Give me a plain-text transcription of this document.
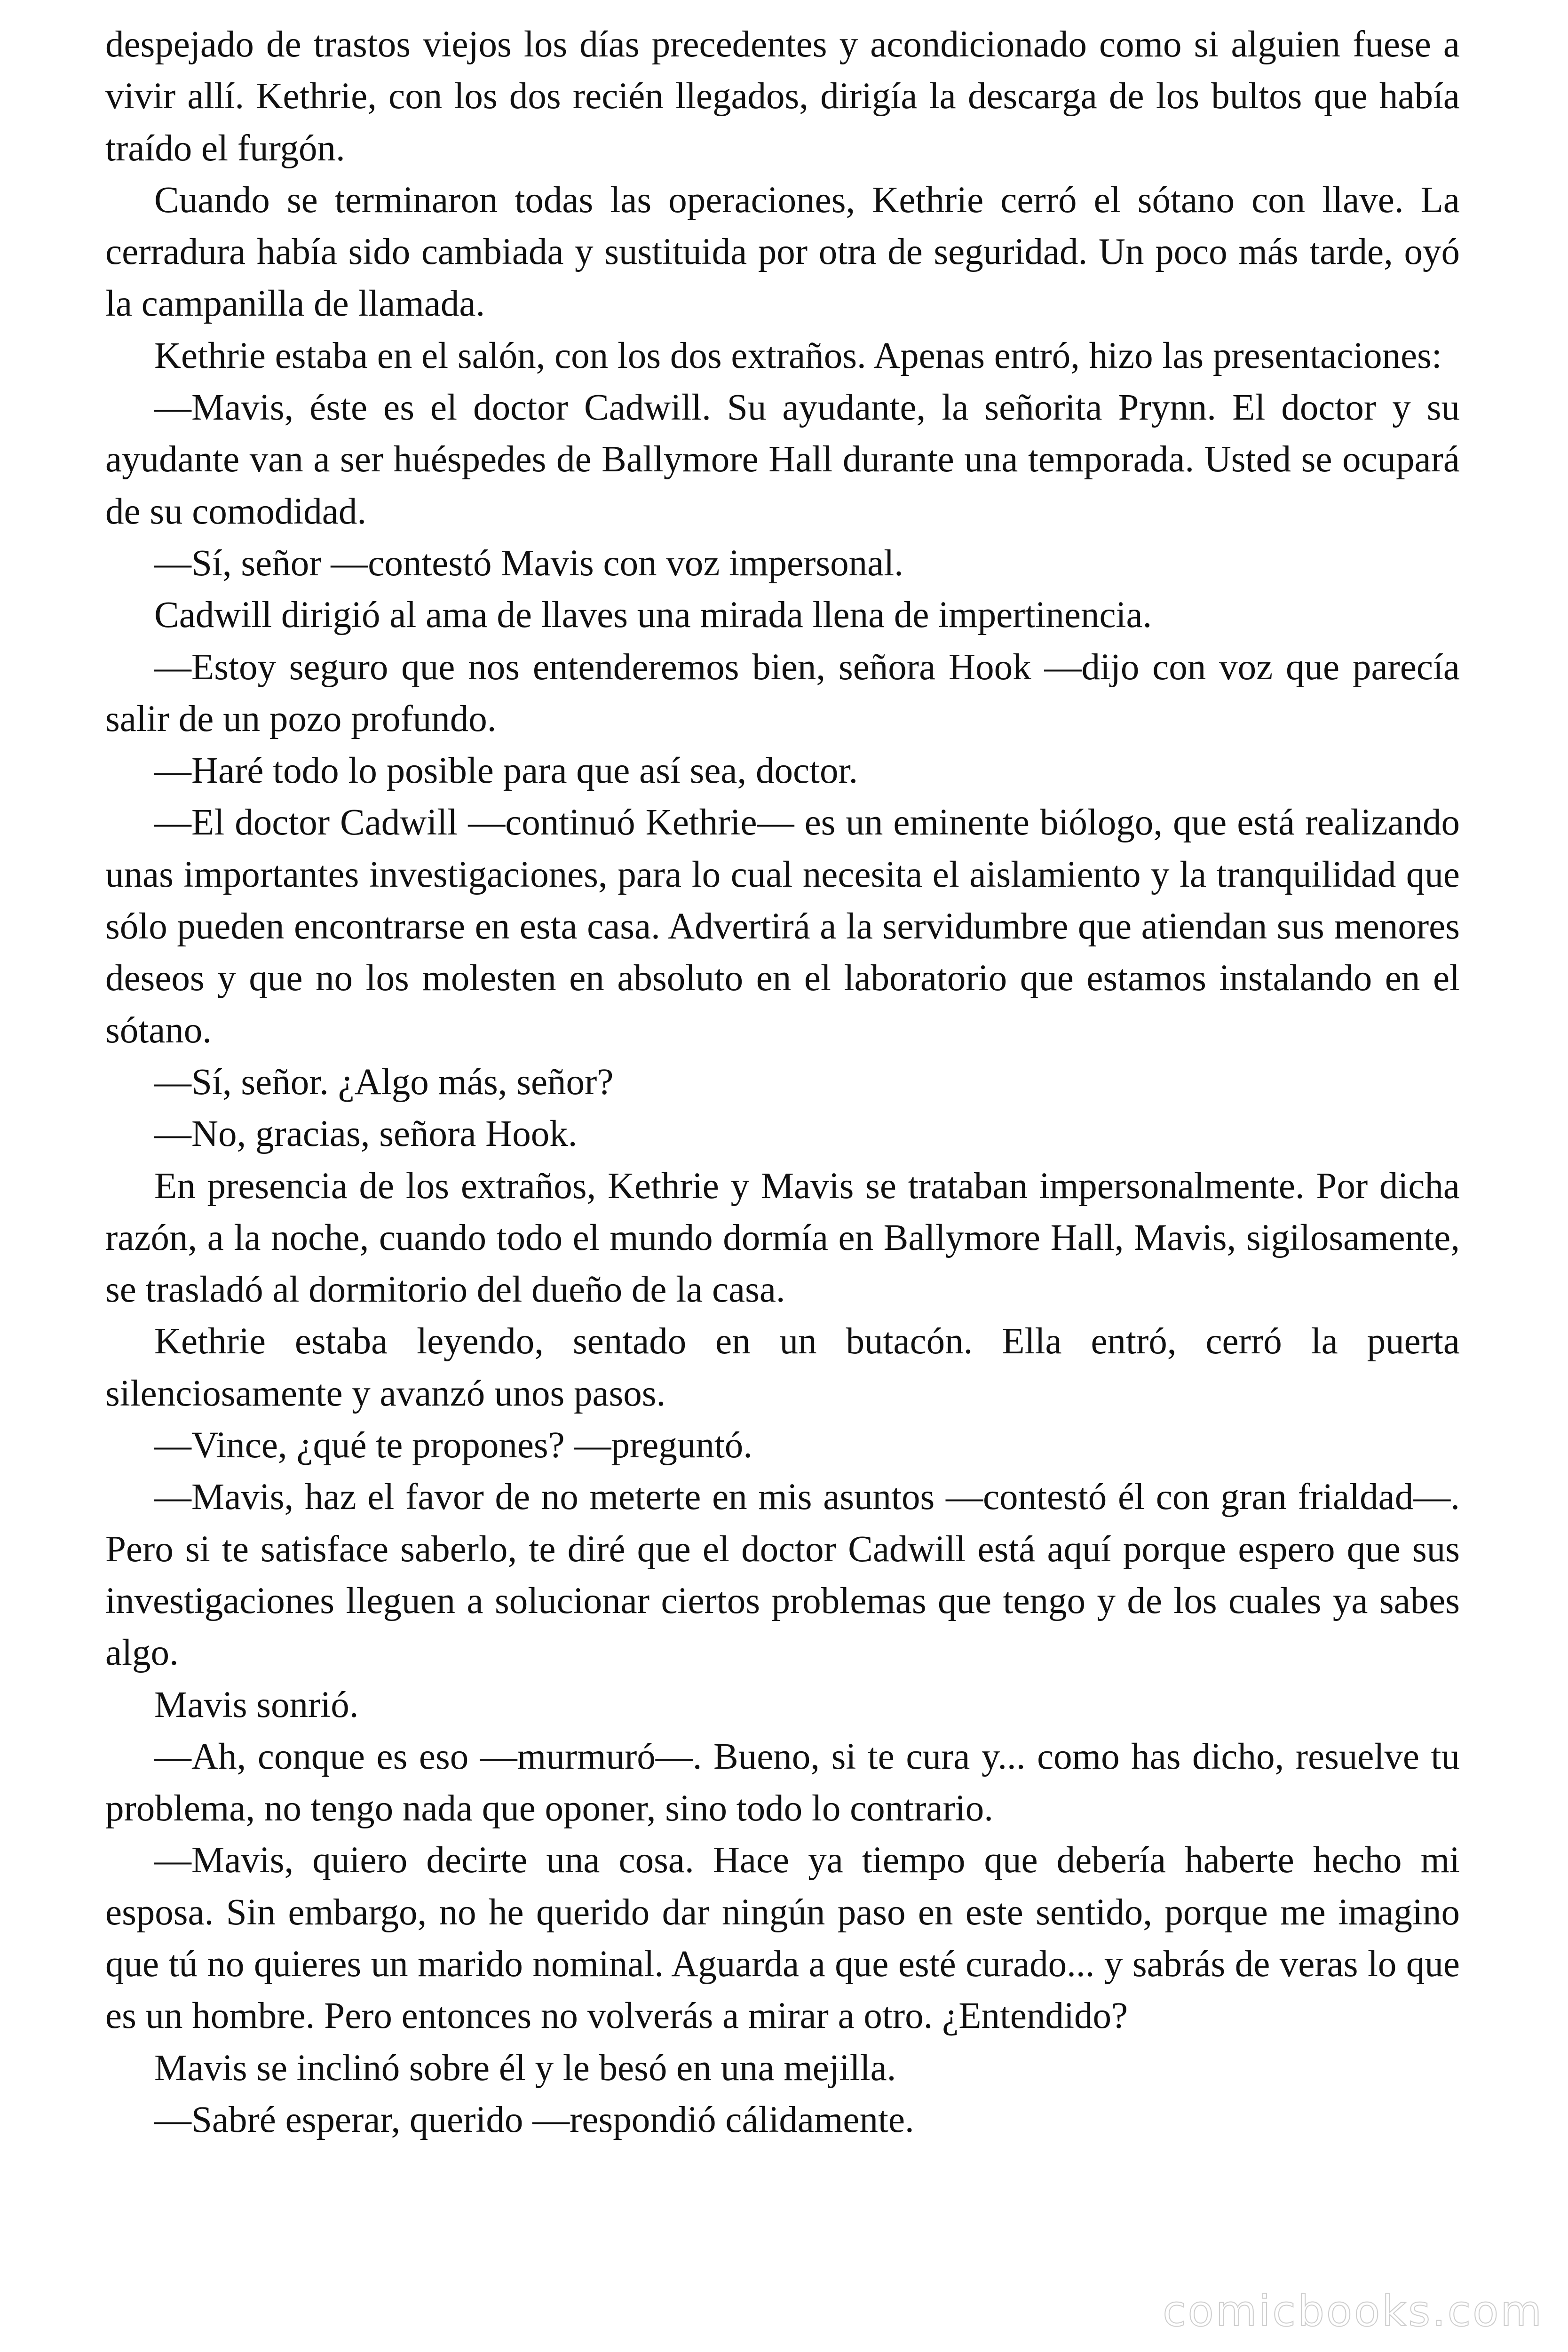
despejado de trastos viejos los días precedentes y acondicionado como si alguien fuese a vivir allí. Kethrie, con los dos recién llegados, dirigía la descarga de los bultos que había traído el furgón.

Cuando se terminaron todas las operaciones, Kethrie cerró el sótano con llave. La cerradura había sido cambiada y sustituida por otra de seguridad. Un poco más tarde, oyó la campanilla de llamada.

Kethrie estaba en el salón, con los dos extraños. Apenas entró, hizo las presentaciones:

—Mavis, éste es el doctor Cadwill. Su ayudante, la señorita Prynn. El doctor y su ayudante van a ser huéspedes de Ballymore Hall durante una temporada. Usted se ocupará de su comodidad.

—Sí, señor —contestó Mavis con voz impersonal.

Cadwill dirigió al ama de llaves una mirada llena de impertinencia.

—Estoy seguro que nos entenderemos bien, señora Hook —dijo con voz que parecía salir de un pozo profundo.

—Haré todo lo posible para que así sea, doctor.

—El doctor Cadwill —continuó Kethrie— es un eminente biólogo, que está realizando unas importantes investigaciones, para lo cual necesita el aislamiento y la tranquilidad que sólo pueden encontrarse en esta casa. Advertirá a la servidumbre que atiendan sus menores deseos y que no los molesten en absoluto en el laboratorio que estamos instalando en el sótano.

—Sí, señor. ¿Algo más, señor?

—No, gracias, señora Hook.

En presencia de los extraños, Kethrie y Mavis se trataban impersonalmente. Por dicha razón, a la noche, cuando todo el mundo dormía en Ballymore Hall, Mavis, sigilosamente, se trasladó al dormitorio del dueño de la casa.

Kethrie estaba leyendo, sentado en un butacón. Ella entró, cerró la puerta silenciosamente y avanzó unos pasos.

—Vince, ¿qué te propones? —preguntó.

—Mavis, haz el favor de no meterte en mis asuntos —contestó él con gran frialdad—. Pero si te satisface saberlo, te diré que el doctor Cadwill está aquí porque espero que sus investigaciones lleguen a solucionar ciertos problemas que tengo y de los cuales ya sabes algo.

Mavis sonrió.

—Ah, conque es eso —murmuró—. Bueno, si te cura y... como has dicho, resuelve tu problema, no tengo nada que oponer, sino todo lo contrario.

—Mavis, quiero decirte una cosa. Hace ya tiempo que debería haberte hecho mi esposa. Sin embargo, no he querido dar ningún paso en este sentido, porque me imagino que tú no quieres un marido nominal. Aguarda a que esté curado... y sabrás de veras lo que es un hombre. Pero entonces no volverás a mirar a otro. ¿Entendido?

Mavis se inclinó sobre él y le besó en una mejilla.

—Sabré esperar, querido —respondió cálidamente.

comicbooks.com
